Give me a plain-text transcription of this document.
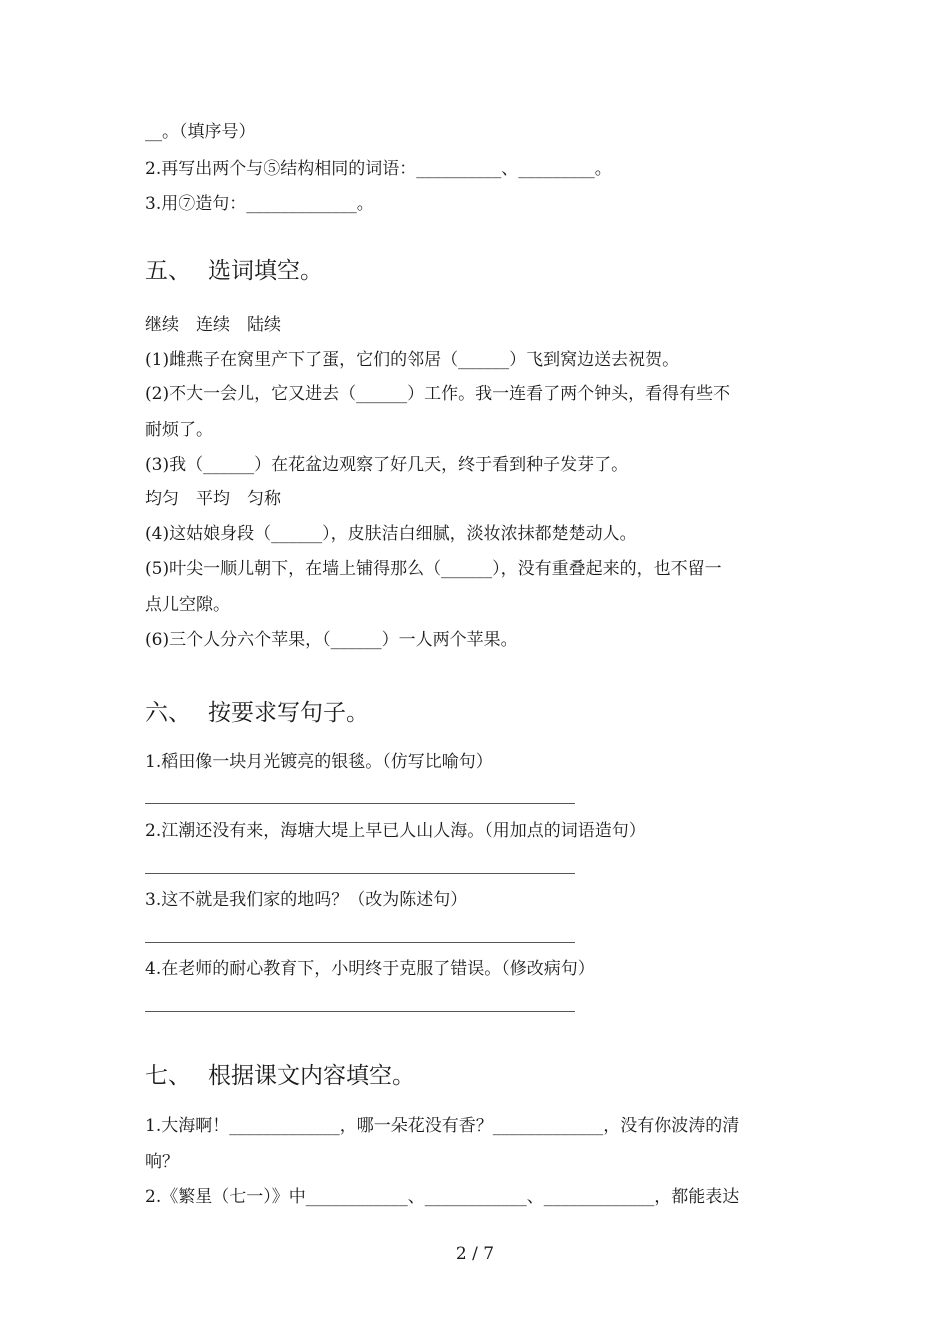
__。（填序号）
2.再写出两个与⑤结构相同的词语：__________、_________。
3.用⑦造句：_____________。
五、 选词填空。
继续　连续　陆续
(1)雌燕子在窝里产下了蛋，它们的邻居（______）飞到窝边送去祝贺。
(2)不大一会儿，它又进去（______）工作。我一连看了两个钟头，看得有些不
耐烦了。
(3)我（______）在花盆边观察了好几天，终于看到种子发芽了。
均匀　平均　匀称
(4)这姑娘身段（______），皮肤洁白细腻，淡妆浓抹都楚楚动人。
(5)叶尖一顺儿朝下，在墙上铺得那么（______），没有重叠起来的，也不留一
点儿空隙。
(6)三个人分六个苹果，（______）一人两个苹果。
六、 按要求写句子。
1.稻田像一块月光镀亮的银毯。（仿写比喻句）
2.江潮还没有来，海塘大堤上早已人山人海。（用加点的词语造句）
3.这不就是我们家的地吗？（改为陈述句）
4.在老师的耐心教育下，小明终于克服了错误。（修改病句）
七、 根据课文内容填空。
1.大海啊！_____________，哪一朵花没有香？_____________，没有你波涛的清
响？
2.《繁星（七一）》中____________、____________、_____________，都能表达
2 / 7
